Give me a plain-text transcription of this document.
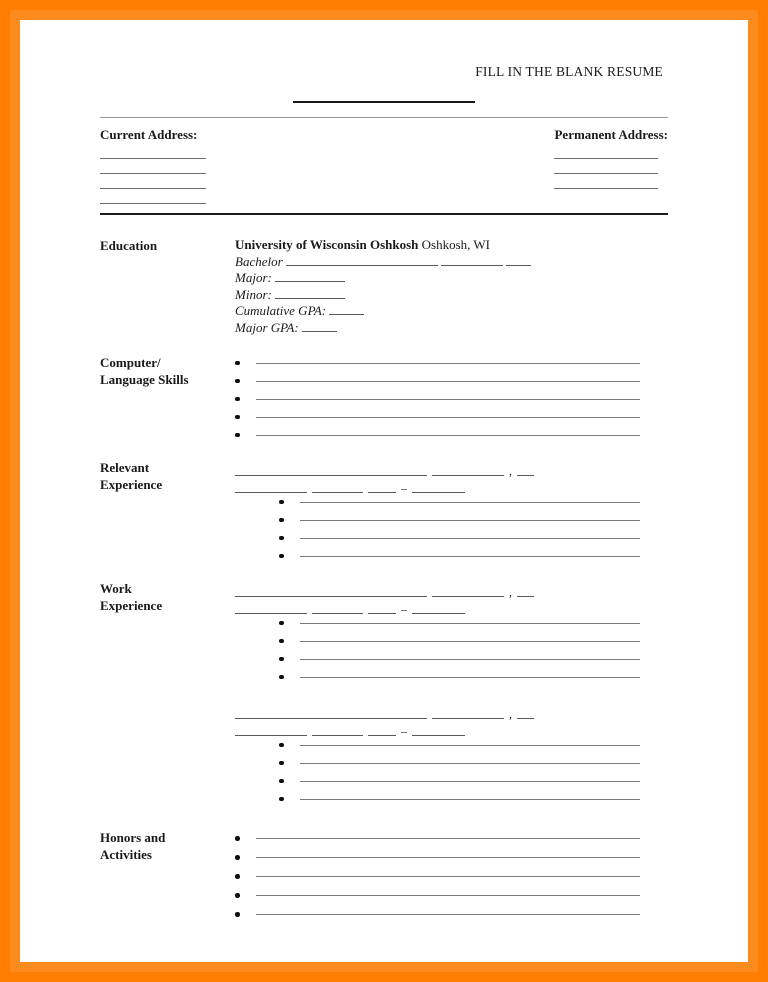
FILL IN THE BLANK RESUME
Current Address:	Permanent Address:
Education	University of Wisconsin Oshkosh Oshkosh, WI
Bachelor
Major:
Minor:
Cumulative GPA:
Major GPA:
Computer/
Language Skills
Relevant
Experience
,
–
Work
Experience
,
–
,
–
Honors and
Activities
